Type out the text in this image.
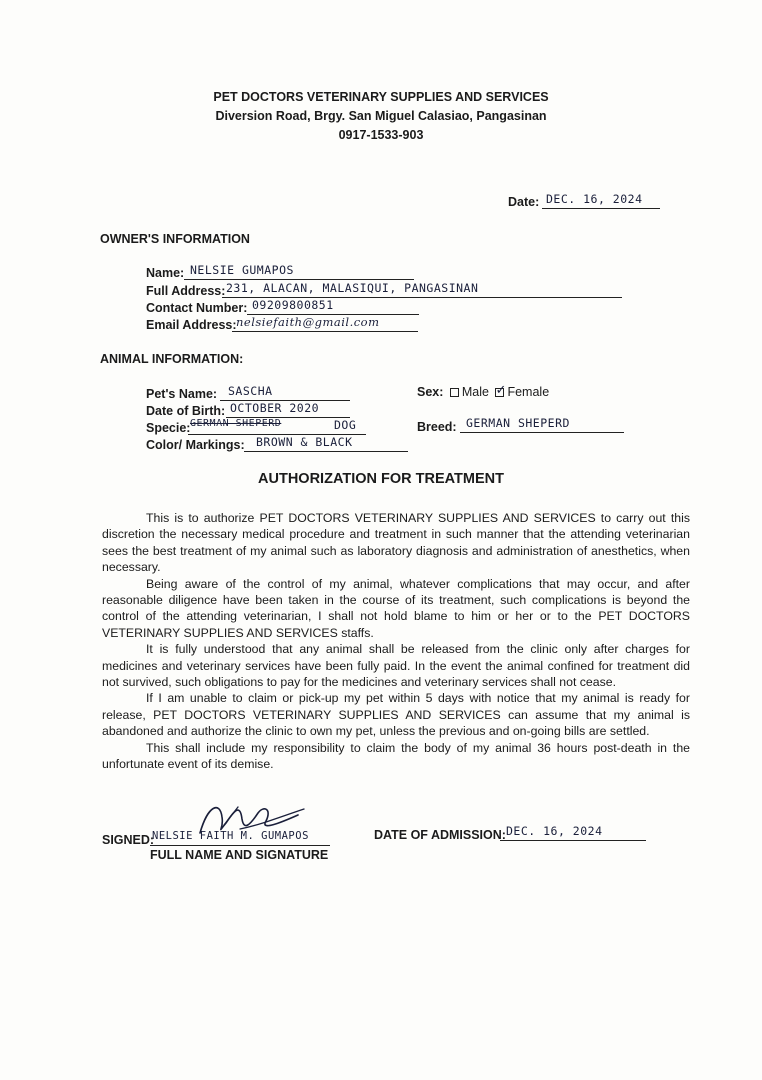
PET DOCTORS VETERINARY SUPPLIES AND SERVICES
Diversion Road, Brgy. San Miguel Calasiao, Pangasinan
0917-1533-903
Date: DEC. 16, 2024
OWNER'S INFORMATION
Name: NELSIE GUMAPOS
Full Address: 231, ALACAN, MALASIQUI, PANGASINAN
Contact Number: 09209800851
Email Address: nelsiefaith@gmail.com
ANIMAL INFORMATION:
Pet's Name: SASCHA
Date of Birth: OCTOBER 2020
Specie: GERMAN SHEPERD	DOG
Color/ Markings: BROWN & BLACK
Sex: Male ✓ Female
Breed: GERMAN SHEPERD
AUTHORIZATION FOR TREATMENT

This is to authorize PET DOCTORS VETERINARY SUPPLIES AND SERVICES to carry out this discretion the necessary medical procedure and treatment in such manner that the attending veterinarian sees the best treatment of my animal such as laboratory diagnosis and administration of anesthetics, when necessary.

Being aware of the control of my animal, whatever complications that may occur, and after reasonable diligence have been taken in the course of its treatment, such complications is beyond the control of the attending veterinarian, I shall not hold blame to him or her or to the PET DOCTORS VETERINARY SUPPLIES AND SERVICES staffs.

It is fully understood that any animal shall be released from the clinic only after charges for medicines and veterinary services have been fully paid. In the event the animal confined for treatment did not survived, such obligations to pay for the medicines and veterinary services shall not cease.

If I am unable to claim or pick-up my pet within 5 days with notice that my animal is ready for release, PET DOCTORS VETERINARY SUPPLIES AND SERVICES can assume that my animal is abandoned and authorize the clinic to own my pet, unless the previous and on-going bills are settled.

This shall include my responsibility to claim the body of my animal 36 hours post-death in the unfortunate event of its demise.

SIGNED:
NELSIE FAITH M. GUMAPOS
FULL NAME AND SIGNATURE
DATE OF ADMISSION: DEC. 16, 2024
